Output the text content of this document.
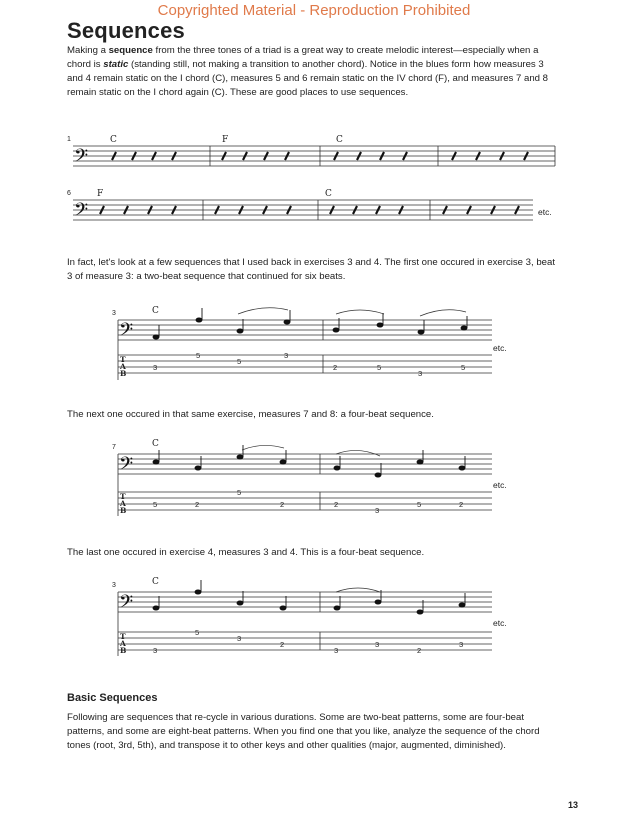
Copyrighted Material - Reproduction Prohibited
Sequences
Making a sequence from the three tones of a triad is a great way to create melodic interest—especially when a chord is static (standing still, not making a transition to another chord). Notice in the blues form how measures 3 and 4 remain static on the I chord (C), measures 5 and 6 remain static on the IV chord (F), and measures 7 and 8 remain static on the I chord again (C). These are good places to use sequences.
1
𝄢
C	F	C
6
𝄢
F	C
etc.
In fact, let's look at a few sequences that I used back in exercises 3 and 4. The first one occured in exercise 3, beat 3 of measure 3: a two-beat sequence that continued for six beats.
3
𝄢
C
etc.
T
A
B
3
5
5
3
2	5
3
5
The next one occured in that same exercise, measures 7 and 8: a four-beat sequence.
7
𝄢
C
etc.
T
A
B
5	2
5
2	2
3
5	2
The last one occured in exercise 4, measures 3 and 4. This is a four-beat sequence.
3
𝄢
C
etc.
T
A
B	3
5
3
2
3
3
2
3
Basic Sequences
Following are sequences that re-cycle in various durations. Some are two-beat patterns, some are four-beat patterns, and some are eight-beat patterns. When you find one that you like, analyze the sequence of the chord tones (root, 3rd, 5th), and transpose it to other keys and other qualities (major, augmented, diminished).
13
